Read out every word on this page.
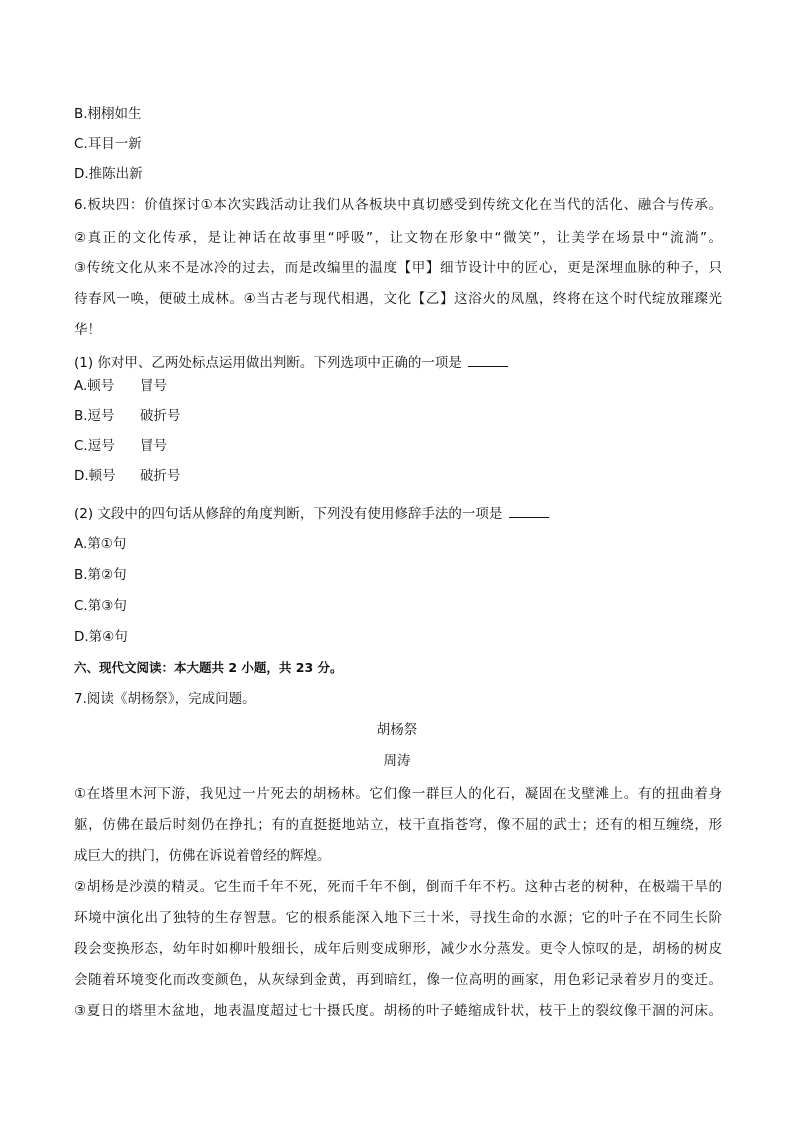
B.栩栩如生
C.耳目一新
D.推陈出新
6.板块四：价值探讨①本次实践活动让我们从各板块中真切感受到传统文化在当代的活化、融合与传承。
②真正的文化传承，是让神话在故事里“呼吸”，让文物在形象中“微笑”，让美学在场景中“流淌”。
③传统文化从来不是冰冷的过去，而是改编里的温度【甲】细节设计中的匠心，更是深埋血脉的种子，只
待春风一唤，便破土成林。④当古老与现代相遇，文化【乙】这浴火的凤凰，终将在这个时代绽放璀璨光
华！
(1) 你对甲、乙两处标点运用做出判断。下列选项中正确的一项是
A.顿号 冒号
B.逗号 破折号
C.逗号 冒号
D.顿号 破折号
(2) 文段中的四句话从修辞的角度判断，下列没有使用修辞手法的一项是
A.第①句
B.第②句
C.第③句
D.第④句
六、现代文阅读：本大题共 2 小题，共 23 分。
7.阅读《胡杨祭》，完成问题。
胡杨祭
周涛
①在塔里木河下游，我见过一片死去的胡杨林。它们像一群巨人的化石，凝固在戈壁滩上。有的扭曲着身
躯，仿佛在最后时刻仍在挣扎；有的直挺挺地站立，枝干直指苍穹，像不屈的武士；还有的相互缠绕，形
成巨大的拱门，仿佛在诉说着曾经的辉煌。
②胡杨是沙漠的精灵。它生而千年不死，死而千年不倒，倒而千年不朽。这种古老的树种，在极端干旱的
环境中演化出了独特的生存智慧。它的根系能深入地下三十米，寻找生命的水源；它的叶子在不同生长阶
段会变换形态，幼年时如柳叶般细长，成年后则变成卵形，减少水分蒸发。更令人惊叹的是，胡杨的树皮
会随着环境变化而改变颜色，从灰绿到金黄，再到暗红，像一位高明的画家，用色彩记录着岁月的变迁。
③夏日的塔里木盆地，地表温度超过七十摄氏度。胡杨的叶子蜷缩成针状，枝干上的裂纹像干涸的河床。
